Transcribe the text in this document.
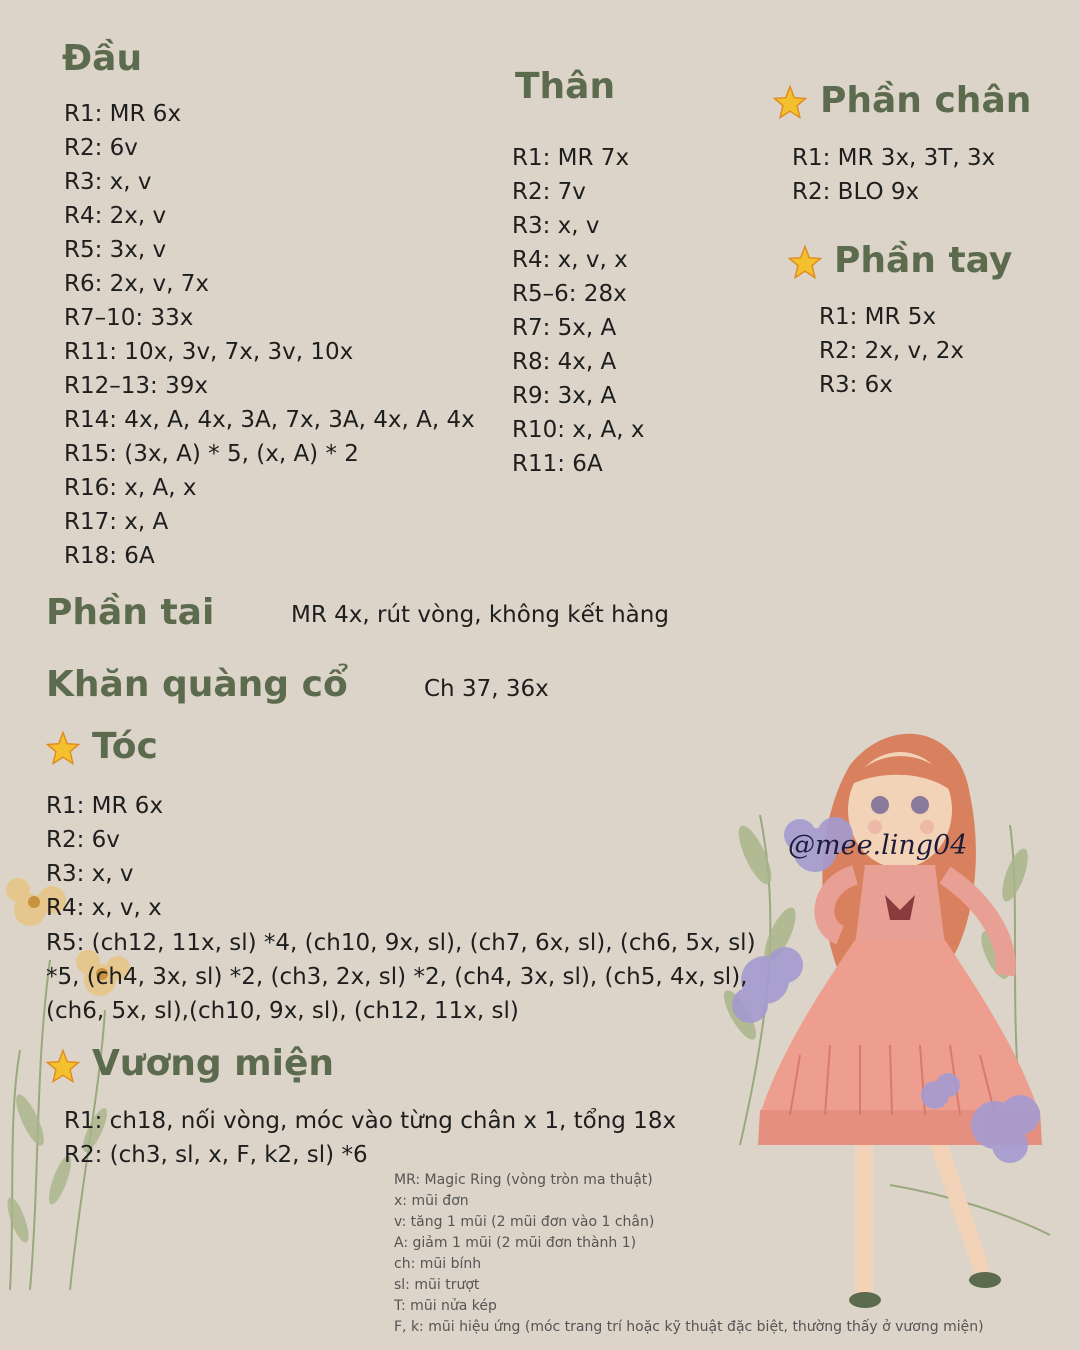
@mee.ling04
Đầu
R1: MR 6x
R2: 6v
R3: x, v
R4: 2x, v
R5: 3x, v
R6: 2x, v, 7x
R7–10: 33x
R11: 10x, 3v, 7x, 3v, 10x
R12–13: 39x
R14: 4x, A, 4x, 3A, 7x, 3A, 4x, A, 4x
R15: (3x, A) * 5, (x, A) * 2
R16: x, A, x
R17: x, A
R18: 6A
Thân
R1: MR 7x
R2: 7v
R3: x, v
R4: x, v, x
R5–6: 28x
R7: 5x, A
R8: 4x, A
R9: 3x, A
R10: x, A, x
R11: 6A
Phần chân
R1: MR 3x, 3T, 3x
R2: BLO 9x
Phần tay
R1: MR 5x
R2: 2x, v, 2x
R3: 6x
Phần tai	MR 4x, rút vòng, không kết hàng
Khăn quàng cổ	Ch 37, 36x
Tóc
R1: MR 6x
R2: 6v
R3: x, v
R4: x, v, x
R5: (ch12, 11x, sl) *4, (ch10, 9x, sl), (ch7, 6x, sl), (ch6, 5x, sl) *5, (ch4, 3x, sl) *2, (ch3, 2x, sl) *2, (ch4, 3x, sl), (ch5, 4x, sl), (ch6, 5x, sl),(ch10, 9x, sl), (ch12, 11x, sl)
Vương miện
R1: ch18, nối vòng, móc vào từng chân x 1, tổng 18x
R2: (ch3, sl, x, F, k2, sl) *6
MR: Magic Ring (vòng tròn ma thuật)
x: mũi đơn
v: tăng 1 mũi (2 mũi đơn vào 1 chân)
A: giảm 1 mũi (2 mũi đơn thành 1)
ch: mũi bính
sl: mũi trượt
T: mũi nửa kép
F, k: mũi hiệu ứng (móc trang trí hoặc kỹ thuật đặc biệt, thường thấy ở vương miện)
